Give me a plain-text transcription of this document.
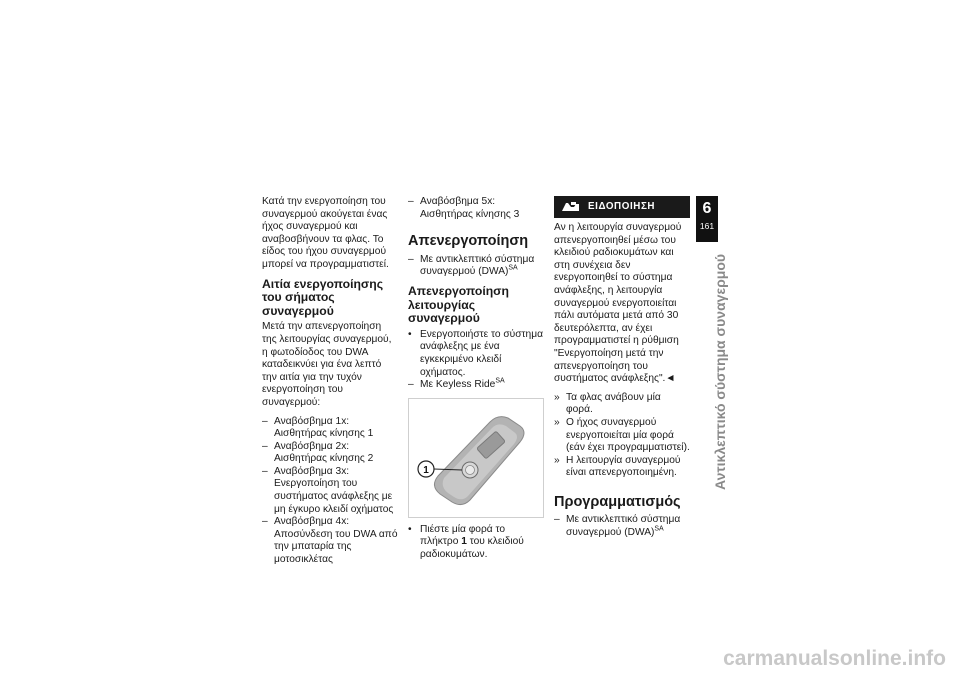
Κατά την ενεργοποίηση του συναγερμού ακούγεται ένας ήχος συναγερμού και αναβοσβήνουν τα φλας. Το είδος του ήχου συναγερμού μπορεί να προγραμματιστεί.

Αιτία ενεργοποίησης του σήματος συναγερμού

Μετά την απενεργοποίηση της λειτουργίας συναγερμού, η φωτοδίοδος του DWA καταδεικνύει για ένα λεπτό την αιτία για την τυχόν ενεργοποίηση του συναγερμού:

– Αναβόσβημα 1x: Αισθητήρας κίνησης 1
– Αναβόσβημα 2x: Αισθητήρας κίνησης 2
– Αναβόσβημα 3x: Ενεργοποίηση του συστήματος ανάφλεξης με μη έγκυρο κλειδί οχήματος
– Αναβόσβημα 4x: Αποσύνδεση του DWA από την μπαταρία της μοτοσικλέτας
– Αναβόσβημα 5x: Αισθητήρας κίνησης 3
Απενεργοποίηση
– Με αντικλεπτικό σύστημα συναγερμού (DWA)$^{SA}$
Απενεργοποίηση λειτουργίας συναγερμού
• Ενεργοποιήστε το σύστημα ανάφλεξης με ένα εγκεκριμένο κλειδί οχήματος.
– Με Keyless Ride$^{SA}$
1
• Πιέστε μία φορά το πλήκτρο 1 του κλειδιού ραδιοκυμάτων.
ΕΙΔΟΠΟΙΗΣΗ

Αν η λειτουργία συναγερμού απενεργοποιηθεί μέσω του κλειδιού ραδιοκυμάτων και στη συνέχεια δεν ενεργοποιηθεί το σύστημα ανάφλεξης, η λειτουργία συναγερμού ενεργοποιείται πάλι αυτόματα μετά από 30 δευτερόλεπτα, αν έχει προγραμματιστεί η ρύθμιση "Ενεργοποίηση μετά την απενεργοποίηση του συστήματος ανάφλεξης".◄

» Τα φλας ανάβουν μία φορά.
» Ο ήχος συναγερμού ενεργοποιείται μία φορά (εάν έχει προγραμματιστεί).
» Η λειτουργία συναγερμού είναι απενεργοποιημένη.
Προγραμματισμός
– Με αντικλεπτικό σύστημα συναγερμού (DWA)$^{SA}$
6
161
Αντικλεπτικό σύστημα συναγερμού
carmanualsonline.info
